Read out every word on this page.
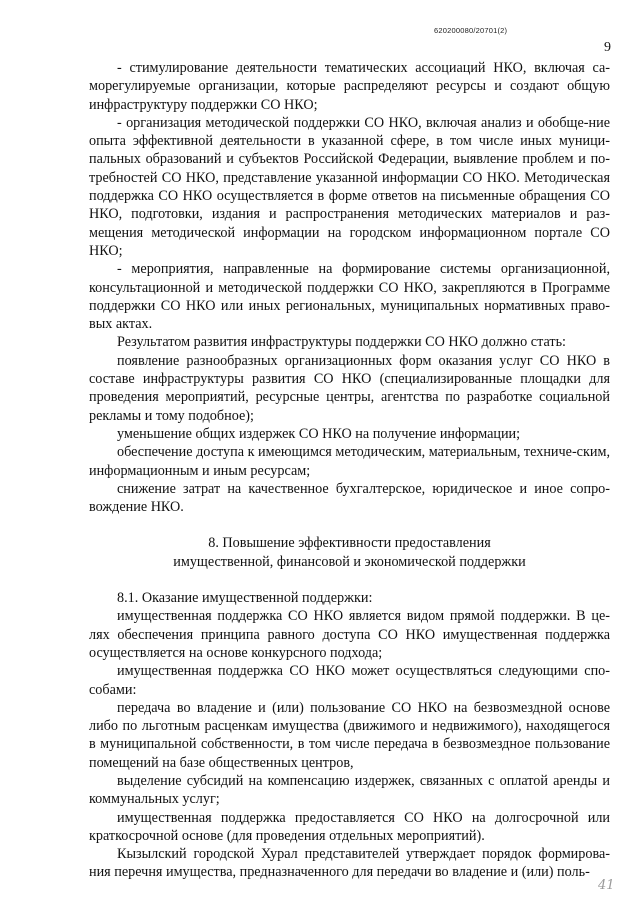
620200080/20701(2)
9

- стимулирование деятельности тематических ассоциаций НКО, включая са-морегулируемые организации, которые распределяют ресурсы и создают общую инфраструктуру поддержки СО НКО;

- организация методической поддержки СО НКО, включая анализ и обобще-ние опыта эффективной деятельности в указанной сфере, в том числе иных муници-пальных образований и субъектов Российской Федерации, выявление проблем и по-требностей СО НКО, представление указанной информации СО НКО. Методическая поддержка СО НКО осуществляется в форме ответов на письменные обращения СО НКО, подготовки, издания и распространения методических материалов и раз-мещения методической информации на городском информационном портале СО НКО;

- мероприятия, направленные на формирование системы организационной, консультационной и методической поддержки СО НКО, закрепляются в Программе поддержки СО НКО или иных региональных, муниципальных нормативных право-вых актах.

Результатом развития инфраструктуры поддержки СО НКО должно стать:

появление разнообразных организационных форм оказания услуг СО НКО в составе инфраструктуры развития СО НКО (специализированные площадки для проведения мероприятий, ресурсные центры, агентства по разработке социальной рекламы и тому подобное);

уменьшение общих издержек СО НКО на получение информации;

обеспечение доступа к имеющимся методическим, материальным, техниче-ским, информационным и иным ресурсам;

снижение затрат на качественное бухгалтерское, юридическое и иное сопро-вождение НКО.

8. Повышение эффективности предоставления

имущественной, финансовой и экономической поддержки

8.1. Оказание имущественной поддержки:

имущественная поддержка СО НКО является видом прямой поддержки. В це-лях обеспечения принципа равного доступа СО НКО имущественная поддержка осуществляется на основе конкурсного подхода;

имущественная поддержка СО НКО может осуществляться следующими спо-собами:

передача во владение и (или) пользование СО НКО на безвозмездной основе либо по льготным расценкам имущества (движимого и недвижимого), находящегося в муниципальной собственности, в том числе передача в безвозмездное пользование помещений на базе общественных центров,

выделение субсидий на компенсацию издержек, связанных с оплатой аренды и коммунальных услуг;

имущественная поддержка предоставляется СО НКО на долгосрочной или краткосрочной основе (для проведения отдельных мероприятий).

Кызылский городской Хурал представителей утверждает порядок формирова-ния перечня имущества, предназначенного для передачи во владение и (или) поль-

41
